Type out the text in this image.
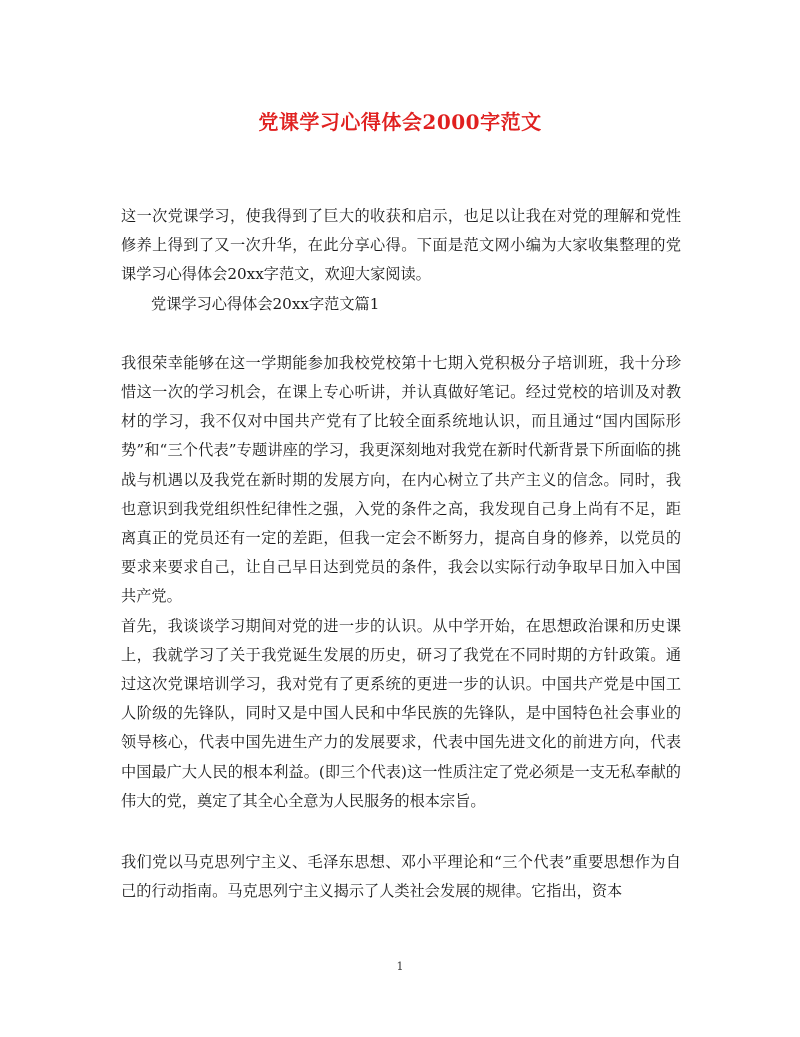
党课学习心得体会2000字范文

这一次党课学习，使我得到了巨大的收获和启示，也足以让我在对党的理解和党性修养上得到了又一次升华，在此分享心得。下面是范文网小编为大家收集整理的党课学习心得体会20xx字范文，欢迎大家阅读。

党课学习心得体会20xx字范文篇1

我很荣幸能够在这一学期能参加我校党校第十七期入党积极分子培训班，我十分珍惜这一次的学习机会，在课上专心听讲，并认真做好笔记。经过党校的培训及对教材的学习，我不仅对中国共产党有了比较全面系统地认识，而且通过“国内国际形势”和“三个代表”专题讲座的学习，我更深刻地对我党在新时代新背景下所面临的挑战与机遇以及我党在新时期的发展方向，在内心树立了共产主义的信念。同时，我也意识到我党组织性纪律性之强，入党的条件之高，我发现自己身上尚有不足，距离真正的党员还有一定的差距，但我一定会不断努力，提高自身的修养，以党员的要求来要求自己，让自己早日达到党员的条件，我会以实际行动争取早日加入中国共产党。

首先，我谈谈学习期间对党的进一步的认识。从中学开始，在思想政治课和历史课上，我就学习了关于我党诞生发展的历史，研习了我党在不同时期的方针政策。通过这次党课培训学习，我对党有了更系统的更进一步的认识。中国共产党是中国工人阶级的先锋队，同时又是中国人民和中华民族的先锋队，是中国特色社会事业的领导核心，代表中国先进生产力的发展要求，代表中国先进文化的前进方向，代表中国最广大人民的根本利益。(即三个代表)这一性质注定了党必须是一支无私奉献的伟大的党，奠定了其全心全意为人民服务的根本宗旨。

我们党以马克思列宁主义、毛泽东思想、邓小平理论和“三个代表”重要思想作为自己的行动指南。马克思列宁主义揭示了人类社会发展的规律。它指出，资本

1
